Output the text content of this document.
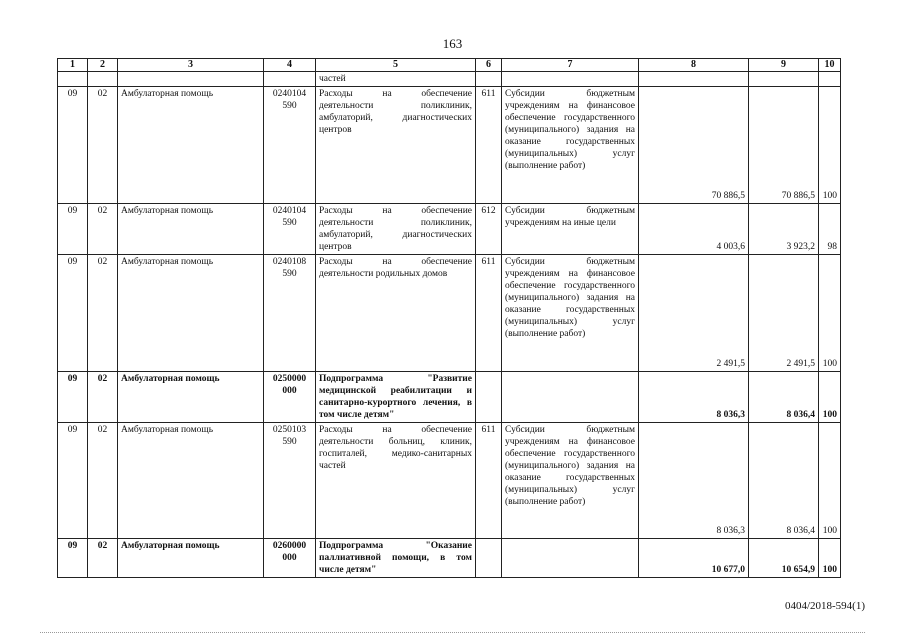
163
1	2	3	4	5	6	7	8	9	10
				частей					
09	02	Амбулаторная помощь	0240104 590	Расходы на обеспечение деятельности поликлиник, амбулаторий, диагностических центров	611	Субсидии бюджетным учреждениям на финансовое обеспечение государственного (муниципального) задания на оказание государственных (муниципальных) услуг (выполнение работ)	70 886,5	70 886,5	100
09	02	Амбулаторная помощь	0240104 590	Расходы на обеспечение деятельности поликлиник, амбулаторий, диагностических центров	612	Субсидии бюджетным учреждениям на иные цели	4 003,6	3 923,2	98
09	02	Амбулаторная помощь	0240108 590	Расходы на обеспечение деятельности родильных домов	611	Субсидии бюджетным учреждениям на финансовое обеспечение государственного (муниципального) задания на оказание государственных (муниципальных) услуг (выполнение работ)	2 491,5	2 491,5	100
09	02	Амбулаторная помощь	0250000 000	Подпрограмма "Развитие медицинской реабилитации и санитарно-курортного лечения, в том числе детям"			8 036,3	8 036,4	100
09	02	Амбулаторная помощь	0250103 590	Расходы на обеспечение деятельности больниц, клиник, госпиталей, медико-санитарных частей	611	Субсидии бюджетным учреждениям на финансовое обеспечение государственного (муниципального) задания на оказание государственных (муниципальных) услуг (выполнение работ)	8 036,3	8 036,4	100
09	02	Амбулаторная помощь	0260000 000	Подпрограмма "Оказание паллиативной помощи, в том числе детям"			10 677,0	10 654,9	100
0404/2018-594(1)
